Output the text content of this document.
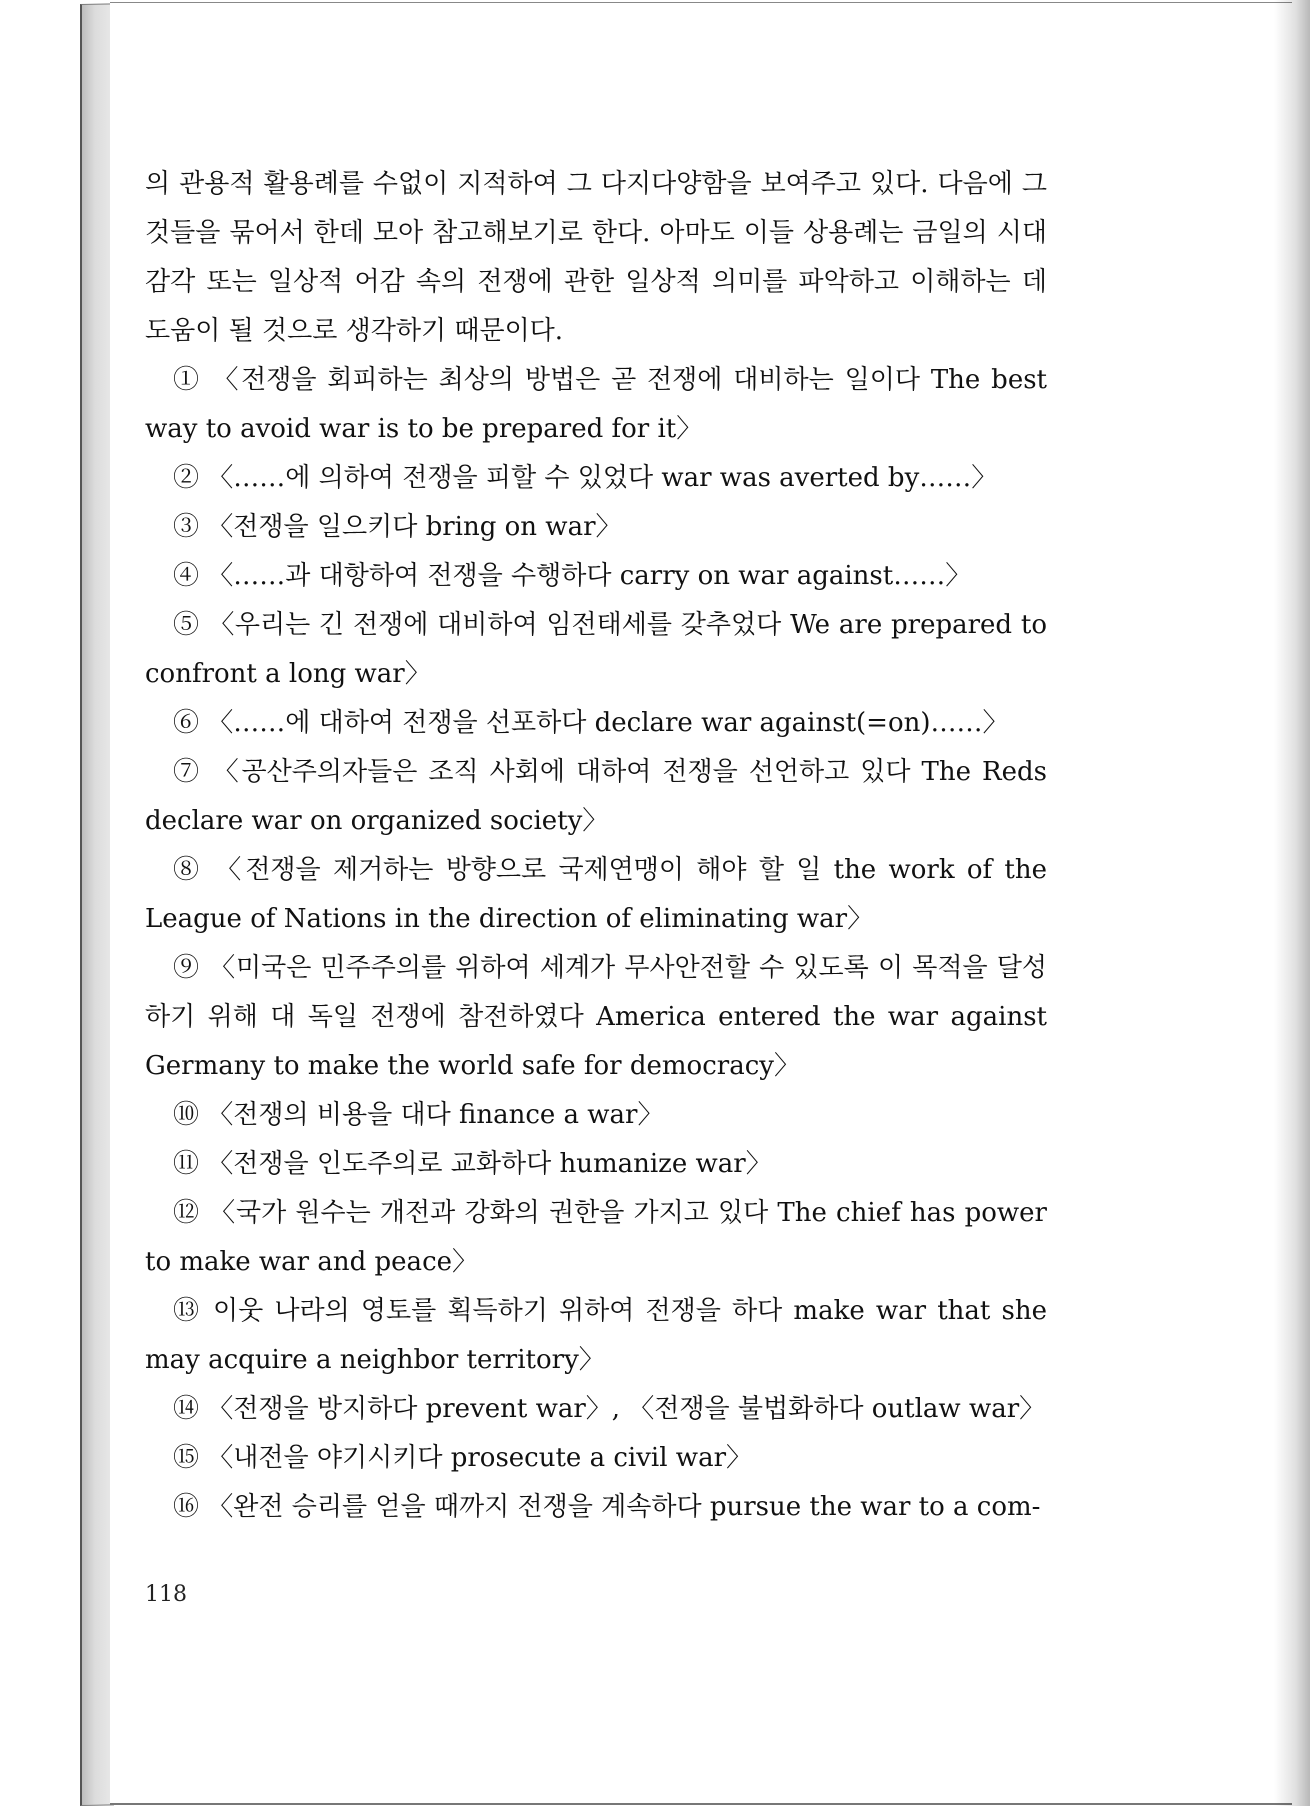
의 관용적 활용례를 수없이 지적하여 그 다지다양함을 보여주고 있다. 다음에 그것들을 묶어서 한데 모아 참고해보기로 한다. 아마도 이들 상용례는 금일의 시대 감각 또는 일상적 어감 속의 전쟁에 관한 일상적 의미를 파악하고 이해하는 데 도움이 될 것으로 생각하기 때문이다.

① 〈전쟁을 회피하는 최상의 방법은 곧 전쟁에 대비하는 일이다 The best way to avoid war is to be prepared for it〉

② 〈……에 의하여 전쟁을 피할 수 있었다 war was averted by……〉

③ 〈전쟁을 일으키다 bring on war〉

④ 〈……과 대항하여 전쟁을 수행하다 carry on war against……〉

⑤ 〈우리는 긴 전쟁에 대비하여 임전태세를 갖추었다 We are prepared to confront a long war〉

⑥ 〈……에 대하여 전쟁을 선포하다 declare war against(=on)……〉

⑦ 〈공산주의자들은 조직 사회에 대하여 전쟁을 선언하고 있다 The Reds declare war on organized society〉

⑧ 〈전쟁을 제거하는 방향으로 국제연맹이 해야 할 일 the work of the League of Nations in the direction of eliminating war〉

⑨ 〈미국은 민주주의를 위하여 세계가 무사안전할 수 있도록 이 목적을 달성하기 위해 대 독일 전쟁에 참전하였다 America entered the war against Germany to make the world safe for democracy〉

⑩ 〈전쟁의 비용을 대다 finance a war〉

⑪ 〈전쟁을 인도주의로 교화하다 humanize war〉

⑫ 〈국가 원수는 개전과 강화의 권한을 가지고 있다 The chief has power to make war and peace〉

⑬ 이웃 나라의 영토를 획득하기 위하여 전쟁을 하다 make war that she may acquire a neighbor territory〉

⑭ 〈전쟁을 방지하다 prevent war〉, 〈전쟁을 불법화하다 outlaw war〉

⑮ 〈내전을 야기시키다 prosecute a civil war〉

⑯ 〈완전 승리를 얻을 때까지 전쟁을 계속하다 pursue the war to a com-

118
